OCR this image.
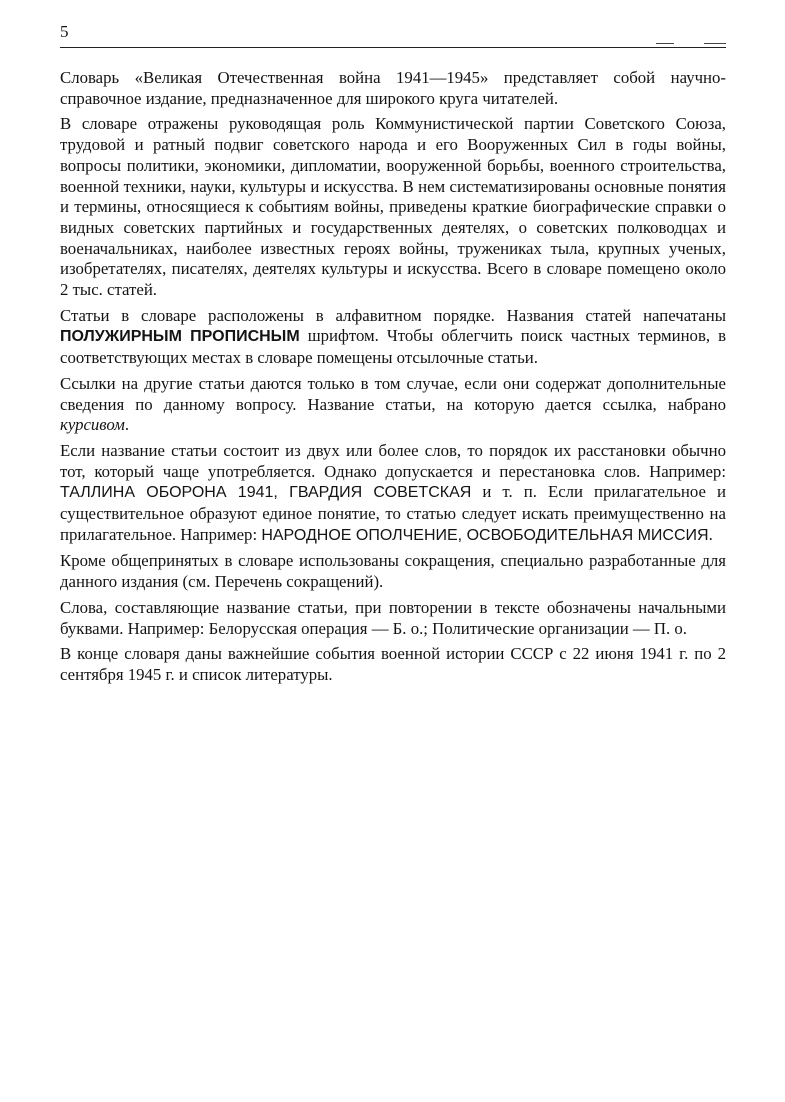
5

Словарь «Великая Отечественная война 1941—1945» представляет собой научно-справочное издание, предназначенное для широкого круга читателей.

В словаре отражены руководящая роль Коммунистической партии Советского Союза, трудовой и ратный подвиг советского народа и его Вооруженных Сил в годы войны, вопросы политики, экономики, дипломатии, вооруженной борьбы, военного строительства, военной техники, науки, культуры и искусства. В нем систематизированы основные понятия и термины, относящиеся к событиям войны, приведены краткие биографические справки о видных советских партийных и государственных деятелях, о советских полководцах и военачальниках, наиболее известных героях войны, тружениках тыла, крупных ученых, изобретателях, писателях, деятелях культуры и искусства. Всего в словаре помещено около 2 тыс. статей.

Статьи в словаре расположены в алфавитном порядке. Названия статей напечатаны ПОЛУЖИРНЫМ ПРОПИСНЫМ шрифтом. Чтобы облегчить поиск частных терминов, в соответствующих местах в словаре помещены отсылочные статьи.

Ссылки на другие статьи даются только в том случае, если они содержат дополнительные сведения по данному вопросу. Название статьи, на которую дается ссылка, набрано курсивом.

Если название статьи состоит из двух или более слов, то порядок их расстановки обычно тот, который чаще употребляется. Однако допускается и перестановка слов. Например: ТАЛЛИНА ОБОРОНА 1941, ГВАРДИЯ СОВЕТСКАЯ и т. п. Если прилагательное и существительное образуют единое понятие, то статью следует искать преимущественно на прилагательное. Например: НАРОДНОЕ ОПОЛЧЕНИЕ, ОСВОБОДИТЕЛЬНАЯ МИССИЯ.

Кроме общепринятых в словаре использованы сокращения, специально разработанные для данного издания (см. Перечень сокращений).

Слова, составляющие название статьи, при повторении в тексте обозначены начальными буквами. Например: Белорусская операция — Б. о.; Политические организации — П. о.

В конце словаря даны важнейшие события военной истории СССР с 22 июня 1941 г. по 2 сентября 1945 г. и список литературы.
